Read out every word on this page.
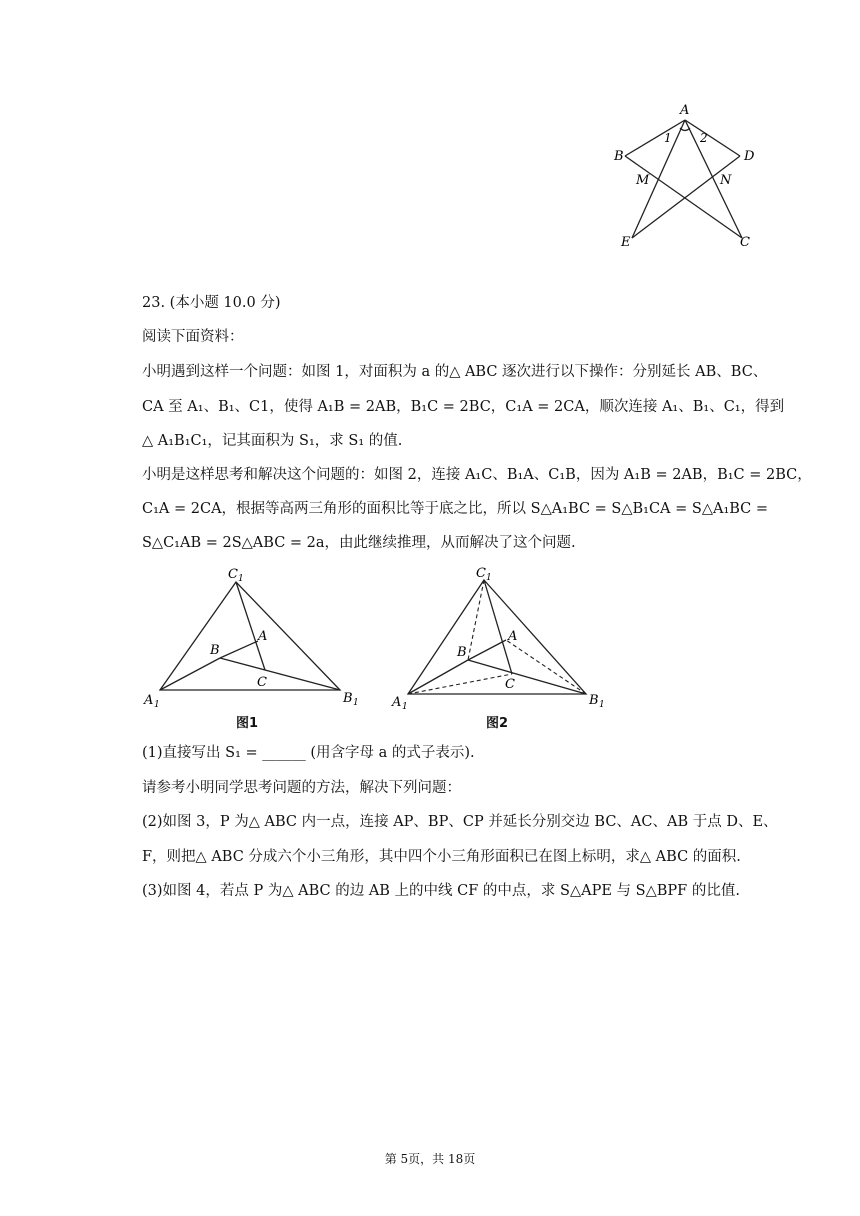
A
B	D
M	N
E	C
1 2
23. (本小题 10.0 分)
阅读下面资料：
小明遇到这样一个问题：如图 1，对面积为 a 的△ ABC 逐次进行以下操作：分别延长 AB、BC、
CA 至 A₁、B₁、C1，使得 A₁B = 2AB，B₁C = 2BC，C₁A = 2CA，顺次连接 A₁、B₁、C₁，得到
△ A₁B₁C₁，记其面积为 S₁，求 S₁ 的值.
小明是这样思考和解决这个问题的：如图 2，连接 A₁C、B₁A、C₁B，因为 A₁B = 2AB，B₁C = 2BC，
C₁A = 2CA，根据等高两三角形的面积比等于底之比，所以 S△A₁BC = S△B₁CA = S△A₁BC =
S△C₁AB = 2S△ABC = 2a，由此继续推理，从而解决了这个问题.
C 1
A
B
C
A 1	B 1
图1
C 1
A
B
C
A 1	B 1
图2
(1)直接写出 S₁ = ______ (用含字母 a 的式子表示).
请参考小明同学思考问题的方法，解决下列问题：
(2)如图 3，P 为△ ABC 内一点，连接 AP、BP、CP 并延长分别交边 BC、AC、AB 于点 D、E、
F，则把△ ABC 分成六个小三角形，其中四个小三角形面积已在图上标明，求△ ABC 的面积.
(3)如图 4，若点 P 为△ ABC 的边 AB 上的中线 CF 的中点，求 S△APE 与 S△BPF 的比值.
第 5页，共 18页
